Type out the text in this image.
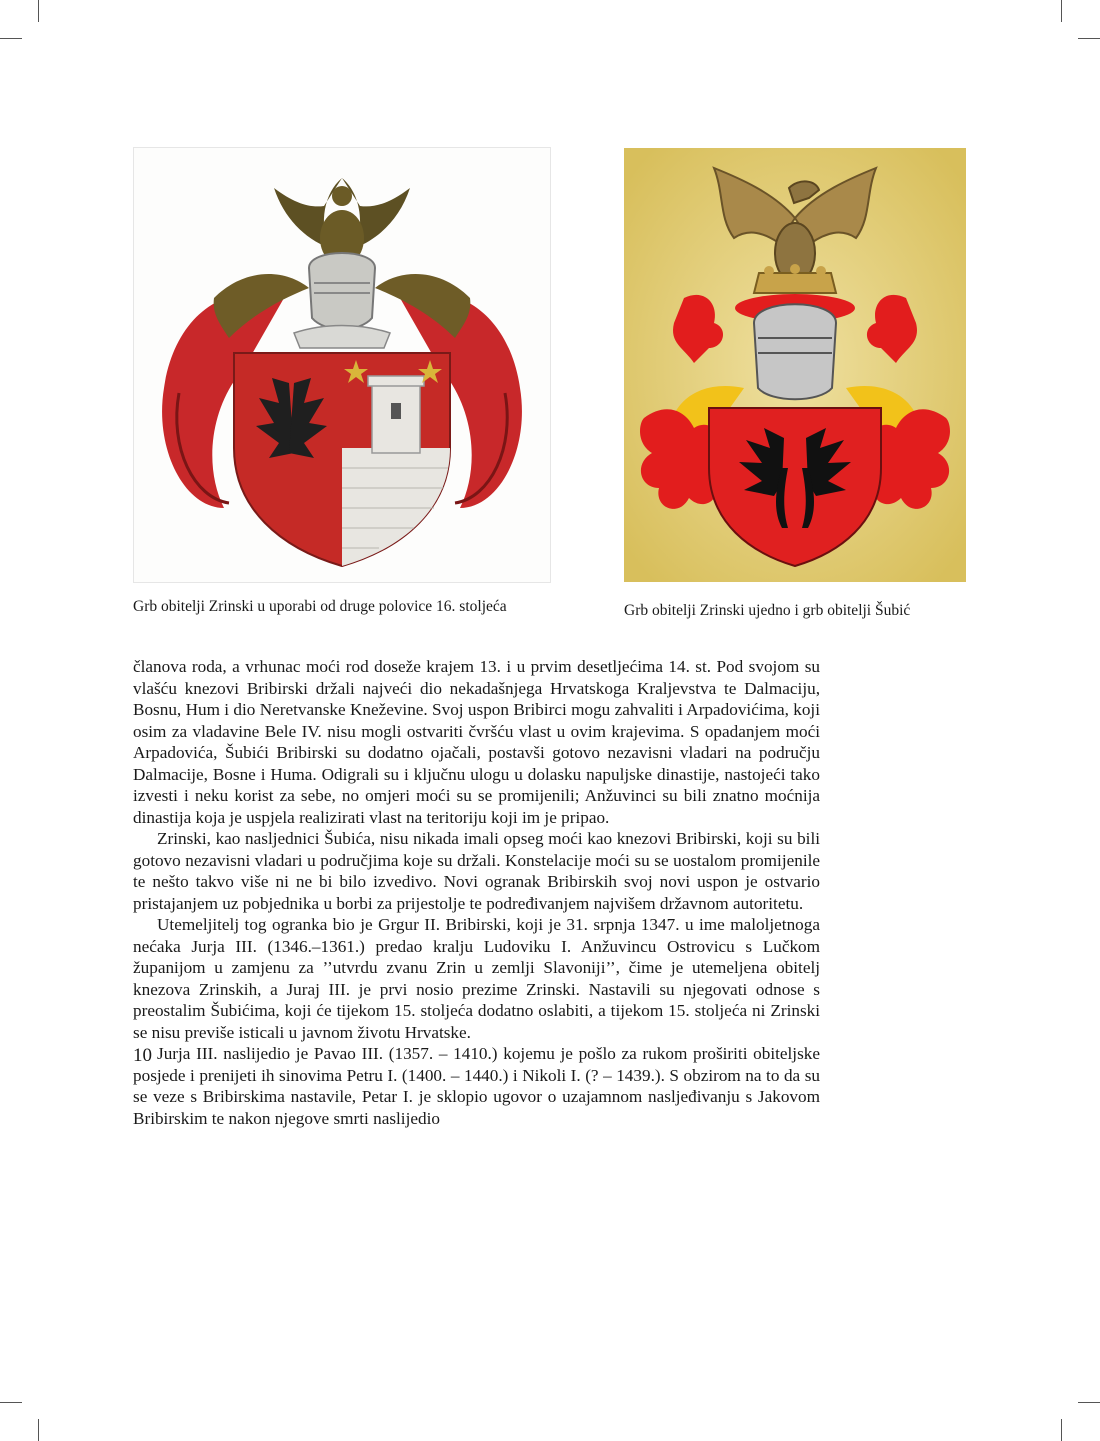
Grb obitelji Zrinski u uporabi od druge polovice 16. stoljeća	Grb obitelji Zrinski ujedno i grb obitelji Šubić

članova roda, a vrhunac moći rod doseže krajem 13. i u prvim desetljećima 14. st. Pod svojom su vlašću knezovi Bribirski držali najveći dio nekadašnjega Hrvatskoga Kraljevstva te Dalmaciju, Bosnu, Hum i dio Neretvanske Kneževine. Svoj uspon Bribirci mogu zahvaliti i Arpadovićima, koji osim za vladavine Bele IV. nisu mogli ostvariti čvršću vlast u ovim krajevima. S opadanjem moći Arpadovića, Šubići Bribirski su dodatno ojačali, postavši gotovo nezavisni vladari na području Dalmacije, Bosne i Huma. Odigrali su i ključnu ulogu u dolasku napuljske dinastije, nastojeći tako izvesti i neku korist za sebe, no omjeri moći su se promijenili; Anžuvinci su bili znatno moćnija dinastija koja je uspjela realizirati vlast na teritoriju koji im je pripao.

Zrinski, kao nasljednici Šubića, nisu nikada imali opseg moći kao knezovi Bribirski, koji su bili gotovo nezavisni vladari u područjima koje su držali. Konstelacije moći su se uostalom promijenile te nešto takvo više ni ne bi bilo izvedivo. Novi ogranak Bribirskih svoj novi uspon je ostvario pristajanjem uz pobjednika u borbi za prijestolje te podređivanjem najvišem državnom autoritetu.

Utemeljitelj tog ogranka bio je Grgur II. Bribirski, koji je 31. srpnja 1347. u ime maloljetnoga nećaka Jurja III. (1346.–1361.) predao kralju Ludoviku I. Anžuvincu Ostrovicu s Lučkom županijom u zamjenu za ’’utvrdu zvanu Zrin u zemlji Slavoniji’’, čime je utemeljena obitelj knezova Zrinskih, a Juraj III. je prvi nosio prezime Zrinski. Nastavili su njegovati odnose s preostalim Šubićima, koji će tijekom 15. stoljeća dodatno oslabiti, a tijekom 15. stoljeća ni Zrinski se nisu previše isticali u javnom životu Hrvatske.

Jurja III. naslijedio je Pavao III. (1357. – 1410.) kojemu je pošlo za rukom proširiti obiteljske posjede i prenijeti ih sinovima Petru I. (1400. – 1440.) i Nikoli I. (? – 1439.). S obzirom na to da su se veze s Bribirskima nastavile, Petar I. je sklopio ugovor o uzajamnom nasljeđivanju s Jakovom Bribirskim te nakon njegove smrti naslijedio

10
